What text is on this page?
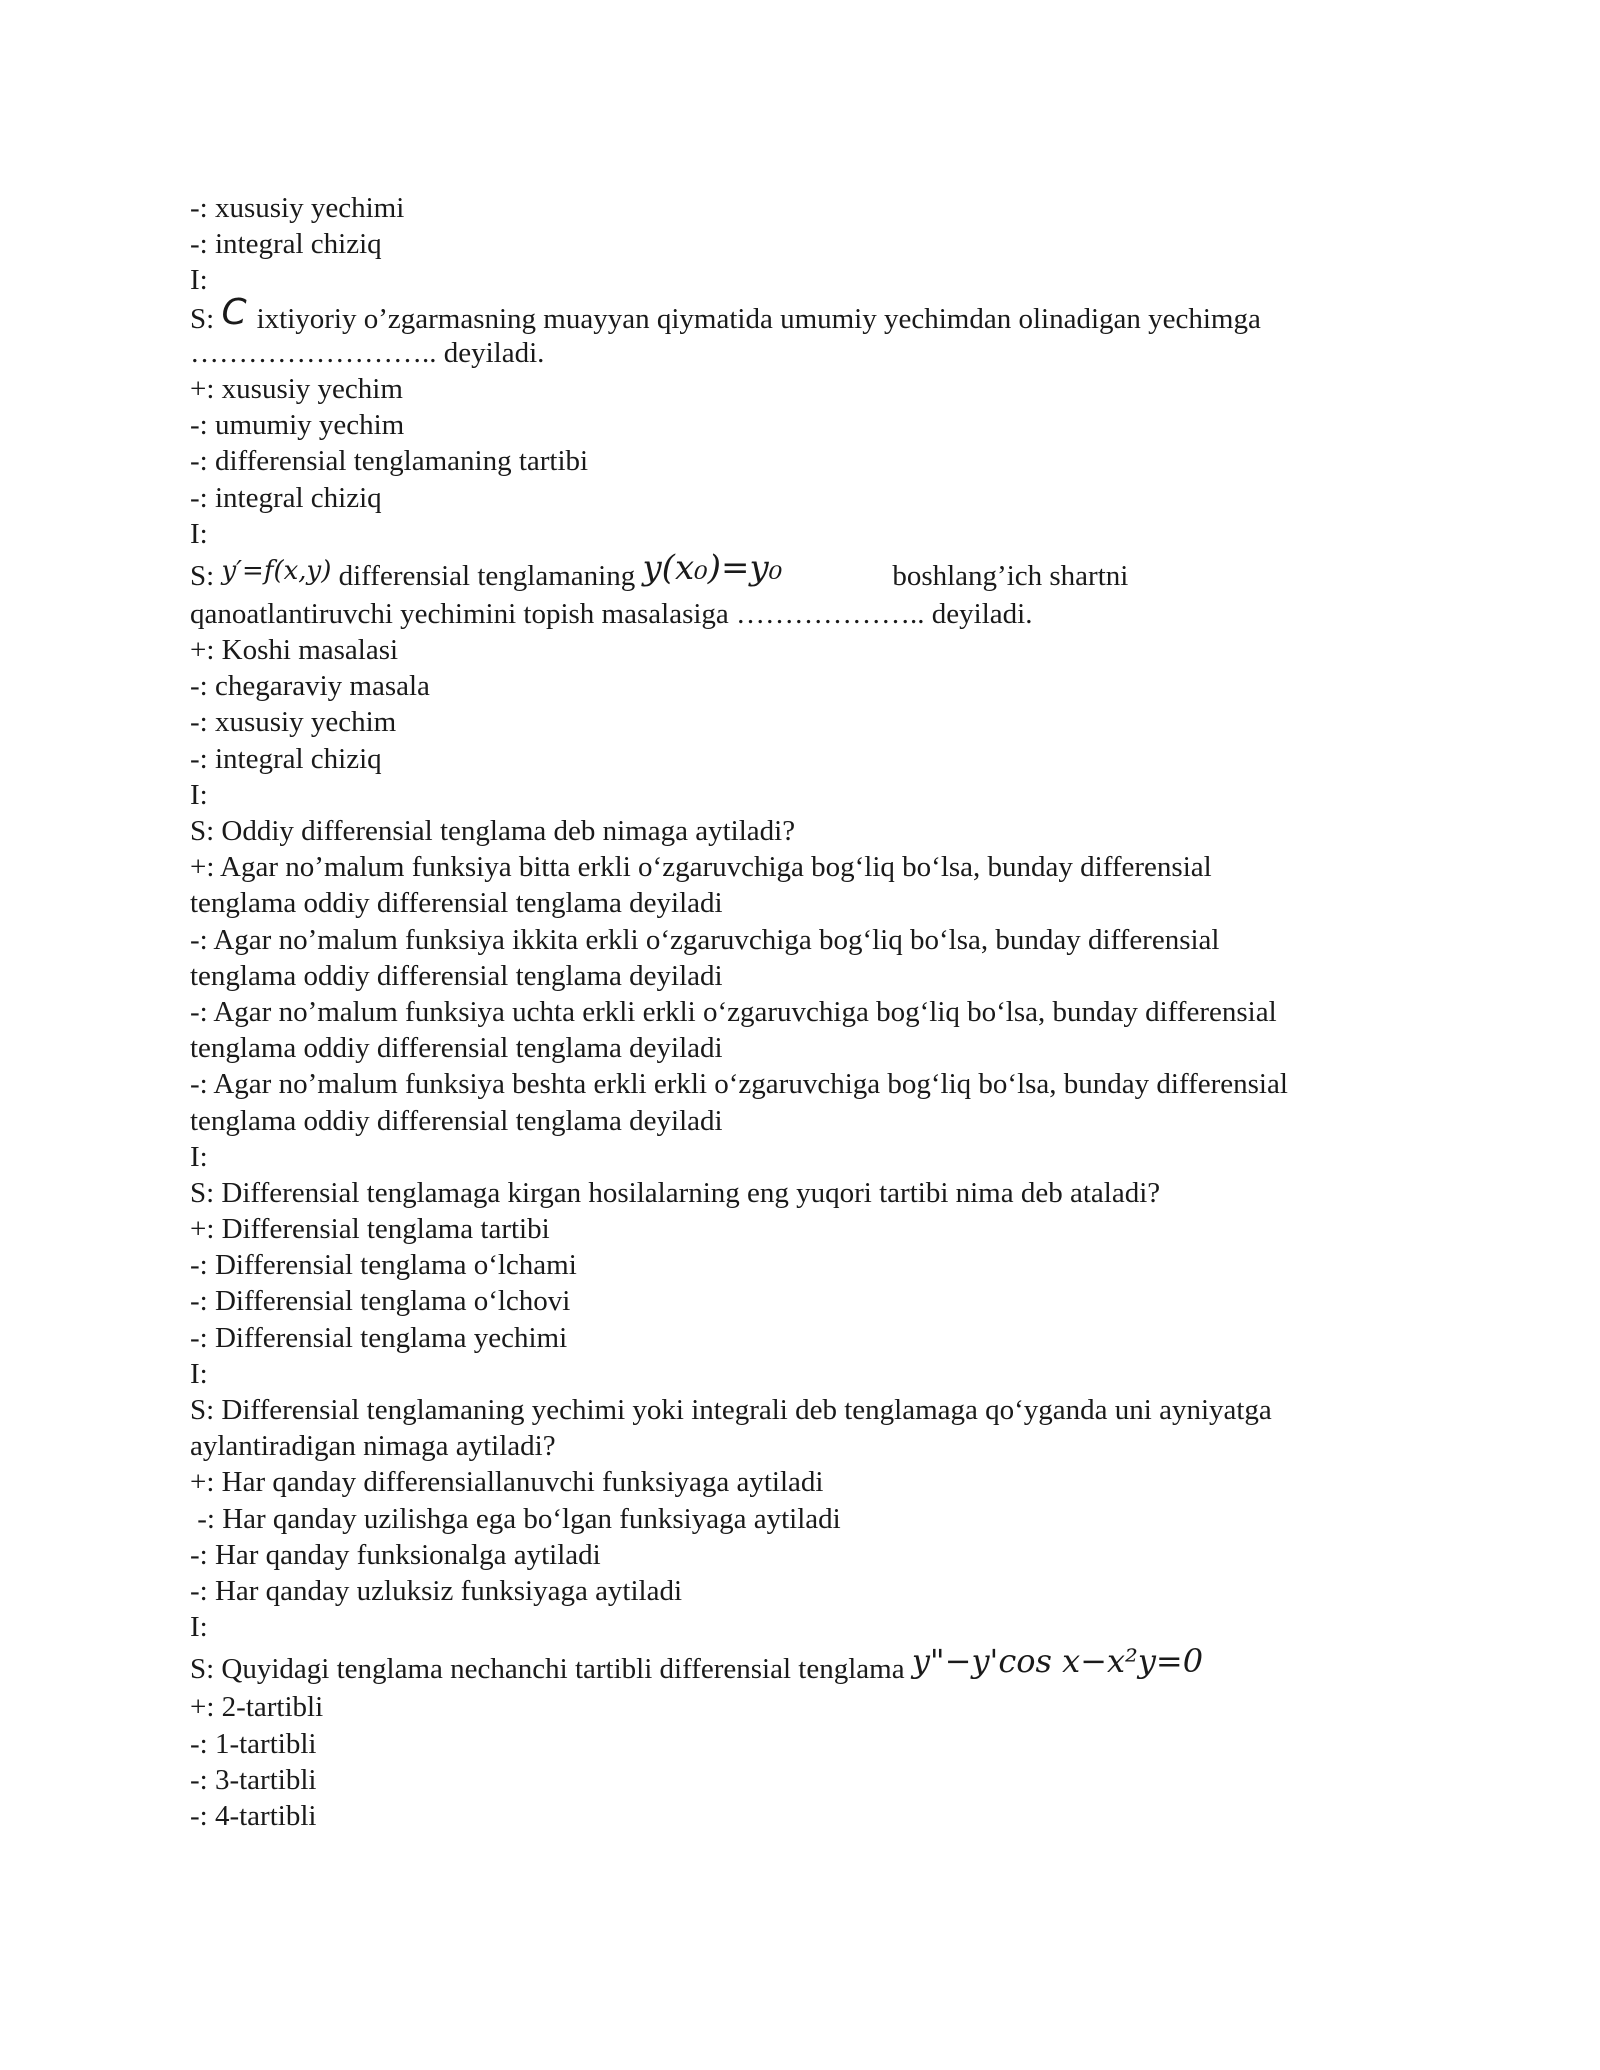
-: xususiy yechimi
-: integral chiziq
I:
S: C ixtiyoriy o’zgarmasning muayyan qiymatida umumiy yechimdan olinadigan yechimga
…………………….. deyiladi.
+: xususiy yechim
-: umumiy yechim
-: differensial tenglamaning tartibi
-: integral chiziq
I:
S: y′=f(x,y) differensial tenglamaning y(x₀)=y₀	boshlang’ich shartni
qanoatlantiruvchi yechimini topish masalasiga ……………….. deyiladi.
+: Koshi masalasi
-: chegaraviy masala
-: xususiy yechim
-: integral chiziq
I:
S: Oddiy differensial tenglama deb nimaga aytiladi?
+: Agar no’malum funksiya bitta erkli o‘zgaruvchiga bog‘liq bo‘lsa, bunday differensial
tenglama oddiy differensial tenglama deyiladi
-: Agar no’malum funksiya ikkita erkli o‘zgaruvchiga bog‘liq bo‘lsa, bunday differensial
tenglama oddiy differensial tenglama deyiladi
-: Agar no’malum funksiya uchta erkli erkli o‘zgaruvchiga bog‘liq bo‘lsa, bunday differensial
tenglama oddiy differensial tenglama deyiladi
-: Agar no’malum funksiya beshta erkli erkli o‘zgaruvchiga bog‘liq bo‘lsa, bunday differensial
tenglama oddiy differensial tenglama deyiladi
I:
S: Differensial tenglamaga kirgan hosilalarning eng yuqori tartibi nima deb ataladi?
+: Differensial tenglama tartibi
-: Differensial tenglama o‘lchami
-: Differensial tenglama o‘lchovi
-: Differensial tenglama yechimi
I:
S: Differensial tenglamaning yechimi yoki integrali deb tenglamaga qo‘yganda uni ayniyatga
aylantiradigan nimaga aytiladi?
+: Har qanday differensiallanuvchi funksiyaga aytiladi
-: Har qanday uzilishga ega bo‘lgan funksiyaga aytiladi
-: Har qanday funksionalga aytiladi
-: Har qanday uzluksiz funksiyaga aytiladi
I:
S: Quyidagi tenglama nechanchi tartibli differensial tenglama y"−y'cos x−x²y=0
+: 2-tartibli
-: 1-tartibli
-: 3-tartibli
-: 4-tartibli
